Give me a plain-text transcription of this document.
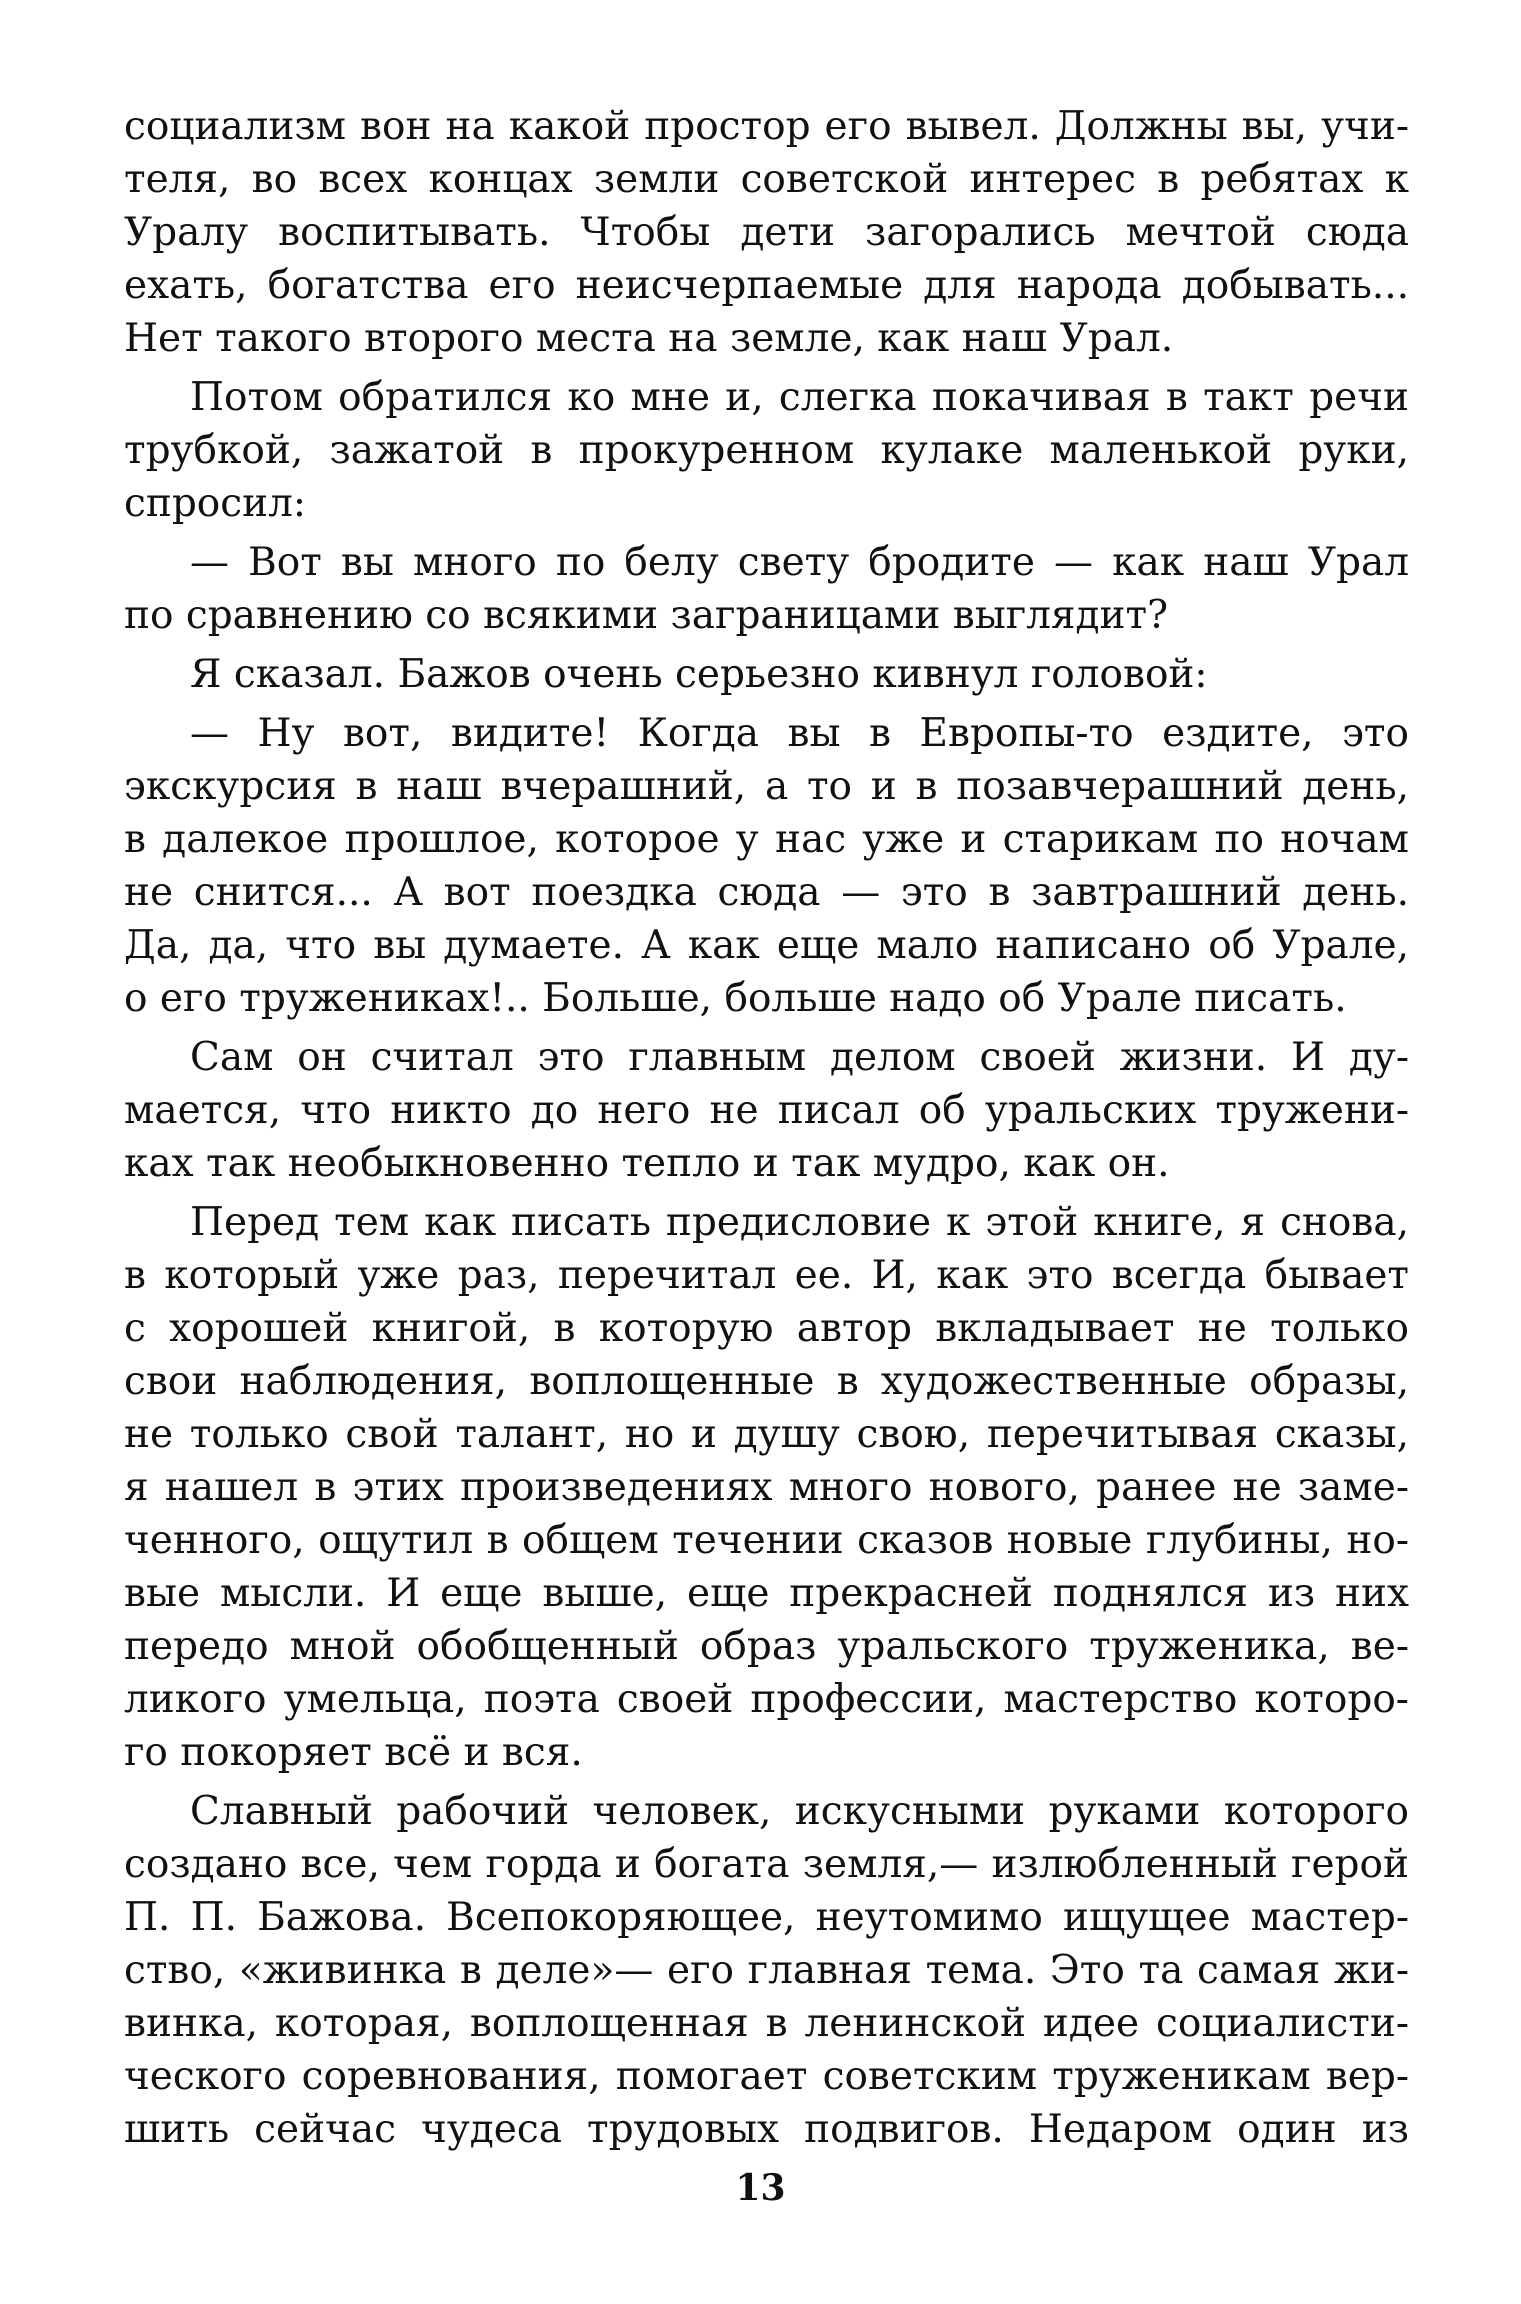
социализм вон на какой простор его вывел. Должны вы, учи-
теля, во всех концах земли советской интерес в ребятах к
Уралу воспитывать. Чтобы дети загорались мечтой сюда
ехать, богатства его неисчерпаемые для народа добывать...
Нет такого второго места на земле, как наш Урал.

Потом обратился ко мне и, слегка покачивая в такт речи
трубкой, зажатой в прокуренном кулаке маленькой руки,
спросил:

— Вот вы много по белу свету бродите — как наш Урал
по сравнению со всякими заграницами выглядит?

Я сказал. Бажов очень серьезно кивнул головой:

— Ну вот, видите! Когда вы в Европы-то ездите, это
экскурсия в наш вчерашний, а то и в позавчерашний день,
в далекое прошлое, которое у нас уже и старикам по ночам
не снится... А вот поездка сюда — это в завтрашний день.
Да, да, что вы думаете. А как еще мало написано об Урале,
о его тружениках!.. Больше, больше надо об Урале писать.

Сам он считал это главным делом своей жизни. И ду-
мается, что никто до него не писал об уральских тружени-
ках так необыкновенно тепло и так мудро, как он.

Перед тем как писать предисловие к этой книге, я снова,
в который уже раз, перечитал ее. И, как это всегда бывает
с хорошей книгой, в которую автор вкладывает не только
свои наблюдения, воплощенные в художественные образы,
не только свой талант, но и душу свою, перечитывая сказы,
я нашел в этих произведениях много нового, ранее не заме-
ченного, ощутил в общем течении сказов новые глубины, но-
вые мысли. И еще выше, еще прекрасней поднялся из них
передо мной обобщенный образ уральского труженика, ве-
ликого умельца, поэта своей профессии, мастерство которо-
го покоряет всё и вся.

Славный рабочий человек, искусными руками которого
создано все, чем горда и богата земля,— излюбленный герой
П. П. Бажова. Всепокоряющее, неутомимо ищущее мастер-
ство, «живинка в деле»— его главная тема. Это та самая жи-
винка, которая, воплощенная в ленинской идее социалисти-
ческого соревнования, помогает советским труженикам вер-
шить сейчас чудеса трудовых подвигов. Недаром один из

13
